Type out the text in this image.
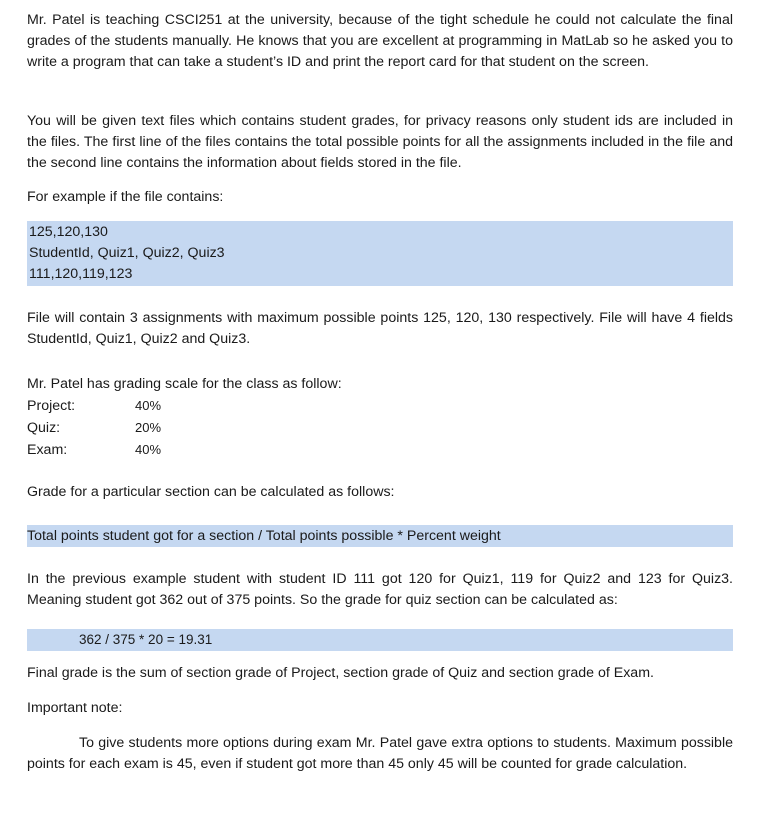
Mr. Patel is teaching CSCI251 at the university, because of the tight schedule he could not calculate the final grades of the students manually. He knows that you are excellent at programming in MatLab so he asked you to write a program that can take a student’s ID and print the report card for that student on the screen.

You will be given text files which contains student grades, for privacy reasons only student ids are included in the files. The first line of the files contains the total possible points for all the assignments included in the file and the second line contains the information about fields stored in the file.

For example if the file contains:

125,120,130
StudentId, Quiz1, Quiz2, Quiz3
111,120,119,123

File will contain 3 assignments with maximum possible points 125, 120, 130 respectively. File will have 4 fields StudentId, Quiz1, Quiz2 and Quiz3.

Mr. Patel has grading scale for the class as follow:

Project:	40%
Quiz:	20%
Exam:	40%

Grade for a particular section can be calculated as follows:

Total points student got for a section / Total points possible * Percent weight

In the previous example student with student ID 111 got 120 for Quiz1, 119 for Quiz2 and 123 for Quiz3. Meaning student got 362 out of 375 points. So the grade for quiz section can be calculated as:

362 / 375 * 20 = 19.31

Final grade is the sum of section grade of Project, section grade of Quiz and section grade of Exam.

Important note:

To give students more options during exam Mr. Patel gave extra options to students. Maximum possible points for each exam is 45, even if student got more than 45 only 45 will be counted for grade calculation.
